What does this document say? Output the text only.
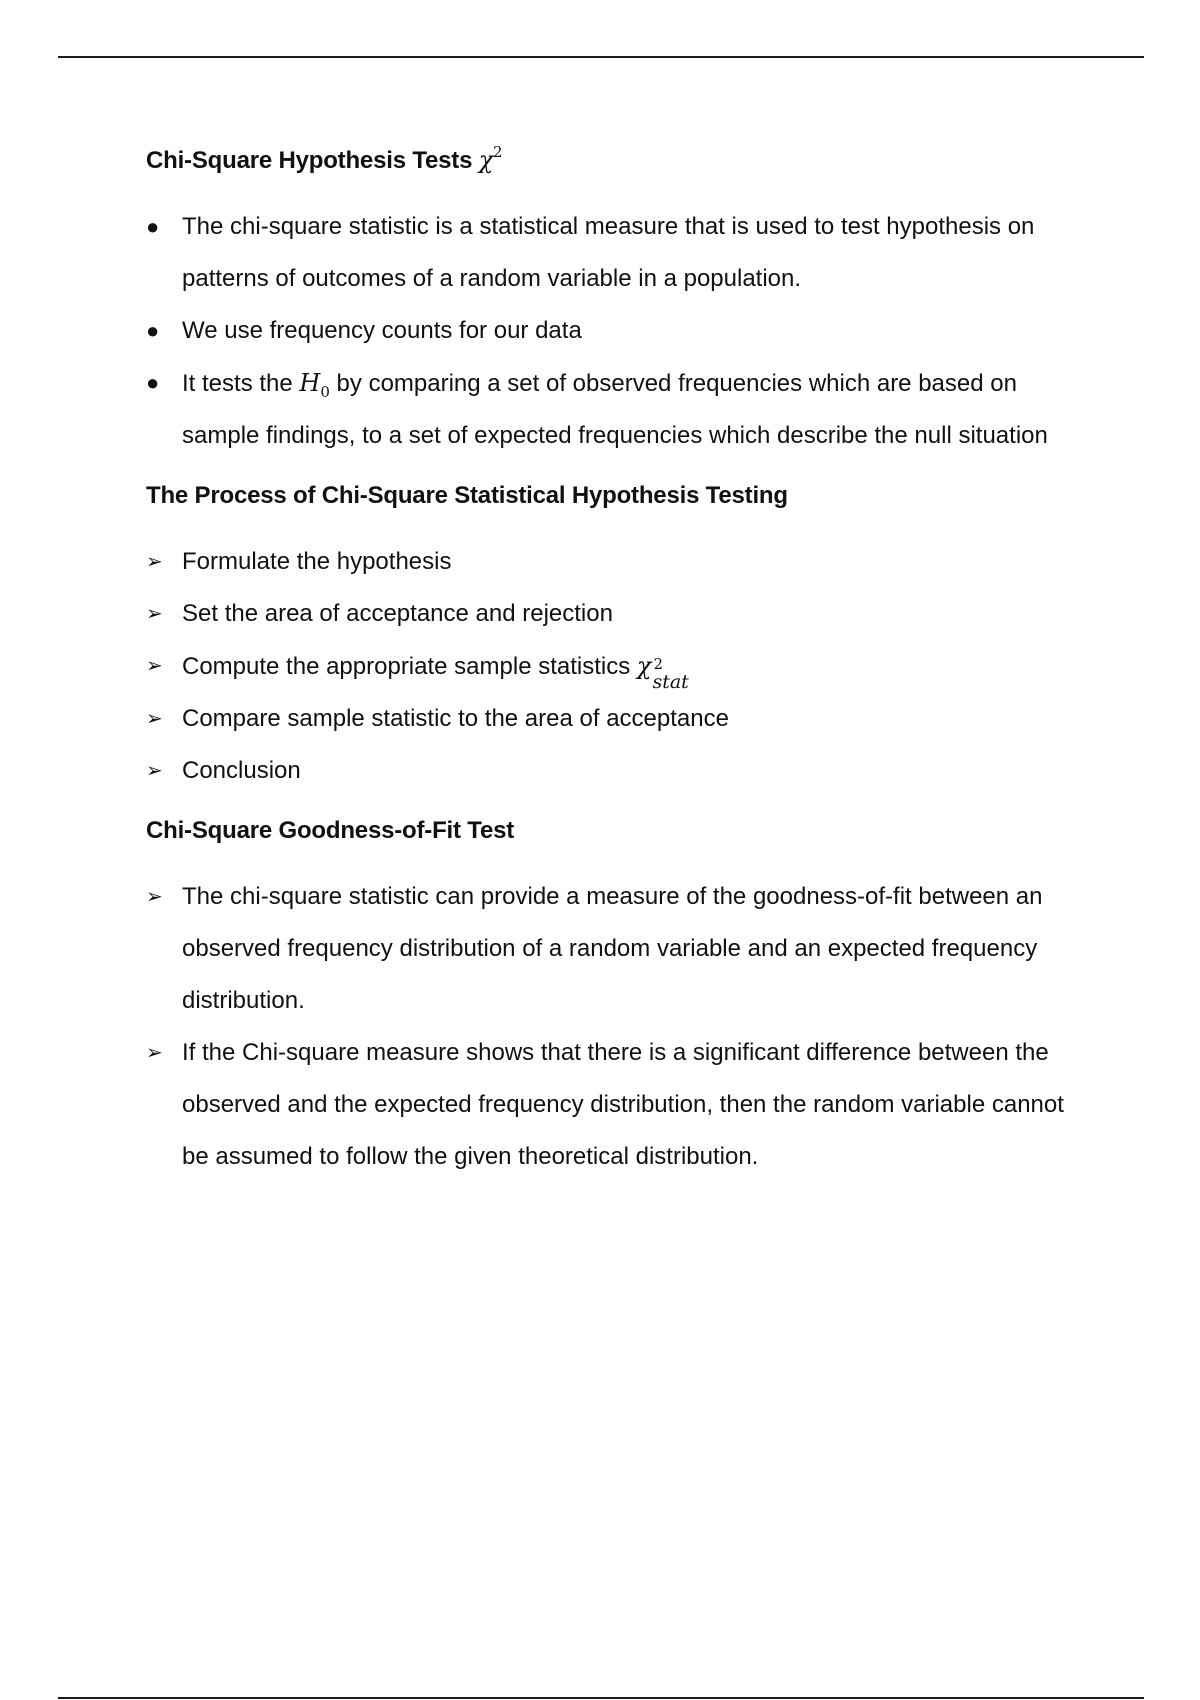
Chi-Square Hypothesis Tests $\chi^2$
● The chi-square statistic is a statistical measure that is used to test hypothesis on patterns of outcomes of a random variable in a population.
● We use frequency counts for our data
● It tests the $H_0$ by comparing a set of observed frequencies which are based on sample findings, to a set of expected frequencies which describe the null situation
The Process of Chi-Square Statistical Hypothesis Testing
➢ Formulate the hypothesis
➢ Set the area of acceptance and rejection
➢ Compute the appropriate sample statistics χ 2
stat
➢ Compare sample statistic to the area of acceptance
➢ Conclusion
Chi-Square Goodness-of-Fit Test
➢ The chi-square statistic can provide a measure of the goodness-of-fit between an observed frequency distribution of a random variable and an expected frequency distribution.
➢ If the Chi-square measure shows that there is a significant difference between the observed and the expected frequency distribution, then the random variable cannot be assumed to follow the given theoretical distribution.
